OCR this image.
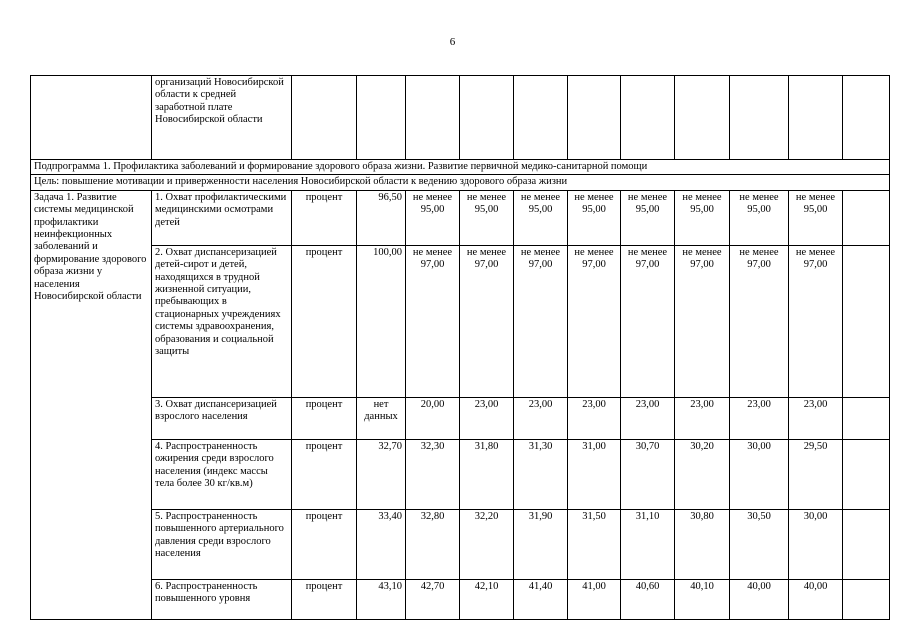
6
	организаций Новосибирской области к средней заработной плате Новосибирской области											
Подпрограмма 1. Профилактика заболеваний и формирование здорового образа жизни. Развитие первичной медико-санитарной помощи												
Цель: повышение мотивации и приверженности населения Новосибирской области к ведению здорового образа жизни												
Задача 1. Развитие системы медицинской профилактики неинфекционных заболеваний и формирование здорового образа жизни у населения Новосибирской области	1. Охват профилактическими медицинскими осмотрами детей	процент	96,50	не менее 95,00	не менее 95,00	не менее 95,00	не менее 95,00	не менее 95,00	не менее 95,00	не менее 95,00	не менее 95,00	
	2. Охват диспансеризацией детей-сирот и детей, находящихся в трудной жизненной ситуации, пребывающих в стационарных учреждениях системы здравоохранения, образования и социальной защиты	процент	100,00	не менее 97,00	не менее 97,00	не менее 97,00	не менее 97,00	не менее 97,00	не менее 97,00	не менее 97,00	не менее 97,00	
	3. Охват диспансеризацией взрослого населения	процент	нет данных	20,00	23,00	23,00	23,00	23,00	23,00	23,00	23,00	
	4. Распространенность ожирения среди взрослого населения (индекс массы тела более 30 кг/кв.м)	процент	32,70	32,30	31,80	31,30	31,00	30,70	30,20	30,00	29,50	
	5. Распространенность повышенного артериального давления среди взрослого населения	процент	33,40	32,80	32,20	31,90	31,50	31,10	30,80	30,50	30,00	
	6. Распространенность повышенного уровня	процент	43,10	42,70	42,10	41,40	41,00	40,60	40,10	40,00	40,00	
